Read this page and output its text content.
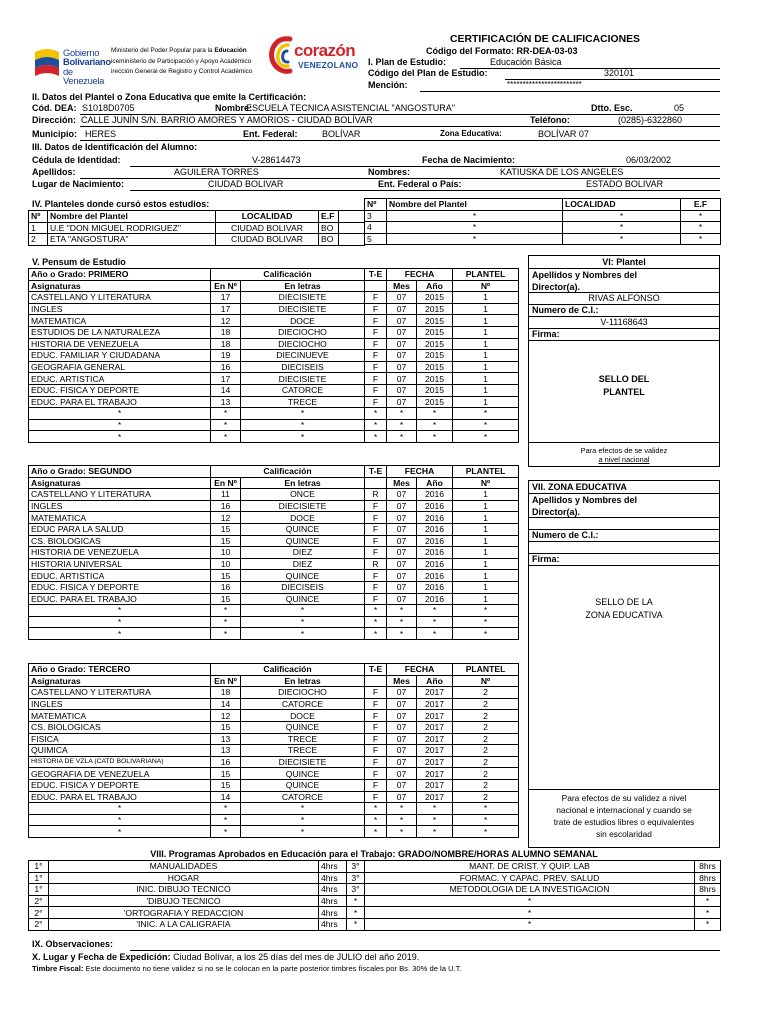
Gobierno
Bolivariano
de Venezuela
Ministerio del Poder Popular para la Educación
iceministerio de Participación y Apoyo Académico
irección General de Registro y Control Académico
corazón
VENEZOLANO
CERTIFICACIÓN DE CALIFICACIONES
Código del Formato: RR-DEA-03-03
I. Plan de Estudio:	Educación Básica
Código del Plan de Estudio:	320101
Mención:	************************
II. Datos del Plantel o Zona Educativa que emite la Certificación:
Cód. DEA: S1018D0705	Nombre:
ESCUELA TECNICA ASISTENCIAL "ANGOSTURA"	Dtto. Esc.	05
Dirección: CALLE JUNÍN S/N. BARRIO AMORES Y AMORIOS - CIUDAD BOLÍVAR	Teléfono:	(0285)-6322860
Municipio: HERES	Ent. Federal:	BOLÍVAR	Zona Educativa:	BOLÍVAR 07
III. Datos de Identificación del Alumno:
Cédula de Identidad:	V-28614473	Fecha de Nacimiento:	06/03/2002
Apellidos:	AGUILERA TORRES	Nombres:	KATIUSKA DE LOS ANGELES
Lugar de Nacimiento:	CIUDAD BOLIVAR	Ent. Federal o País:	ESTADO BOLIVAR
IV. Planteles donde cursó estos estudios:
Nº	Nombre del Plantel	LOCALIDAD	E.F	
1	U.E "DON MIGUEL RODRIGUEZ"	CIUDAD BOLIVAR	BO	
2	ETA "ANGOSTURA"	CIUDAD BOLIVAR	BO	
Nº	Nombre del Plantel	LOCALIDAD	E.F
3	*	*	*
4	*	*	*
5	*	*	*
V. Pensum de Estudio
Año o Grado: PRIMERO	Calificación		T-E	FECHA		PLANTEL
Asignaturas	En Nº	En letras		Mes	Año	Nº
CASTELLANO Y LITERATURA	17	DIECISIETE	F	07	2015	1
INGLES	17	DIECISIETE	F	07	2015	1
MATEMATICA	12	DOCE	F	07	2015	1
ESTUDIOS DE LA NATURALEZA	18	DIECIOCHO	F	07	2015	1
HISTORIA DE VENEZUELA	18	DIECIOCHO	F	07	2015	1
EDUC. FAMILIAR Y CIUDADANA	19	DIECINUEVE	F	07	2015	1
GEOGRAFIA GENERAL	16	DIECISEIS	F	07	2015	1
EDUC. ARTISTICA	17	DIECISIETE	F	07	2015	1
EDUC. FISICA Y DEPORTE	14	CATORCE	F	07	2015	1
EDUC. PARA EL TRABAJO	13	TRECE	F	07	2015	1
*	*	*	*	*	*	*
*	*	*	*	*	*	*
*	*	*	*	*	*	*
Año o Grado: SEGUNDO	Calificación		T-E	FECHA		PLANTEL
Asignaturas	En Nº	En letras		Mes	Año	Nº
CASTELLANO Y LITERATURA	11	ONCE	R	07	2016	1
INGLES	16	DIECISIETE	F	07	2016	1
MATEMATICA	12	DOCE	F	07	2016	1
EDUC PARA LA SALUD	15	QUINCE	F	07	2016	1
CS. BIOLOGICAS	15	QUINCE	F	07	2016	1
HISTORIA DE VENEZUELA	10	DIEZ	F	07	2016	1
HISTORIA UNIVERSAL	10	DIEZ	R	07	2016	1
EDUC. ARTISTICA	15	QUINCE	F	07	2016	1
EDUC. FISICA Y DEPORTE	16	DIECISEIS	F	07	2016	1
EDUC. PARA EL TRABAJO	15	QUINCE	F	07	2016	1
*	*	*	*	*	*	*
*	*	*	*	*	*	*
*	*	*	*	*	*	*
Año o Grado: TERCERO	Calificación		T-E	FECHA		PLANTEL
Asignaturas	En Nº	En letras		Mes	Año	Nº
CASTELLANO Y LITERATURA	18	DIECIOCHO	F	07	2017	2
INGLES	14	CATORCE	F	07	2017	2
MATEMATICA	12	DOCE	F	07	2017	2
CS. BIOLOGICAS	15	QUINCE	F	07	2017	2
FISICA	13	TRECE	F	07	2017	2
QUIMICA	13	TRECE	F	07	2017	2
HISTORIA DE VZLA (CATD BOLIVARIANA)	16	DIECISIETE	F	07	2017	2
GEOGRAFIA DE VENEZUELA	15	QUINCE	F	07	2017	2
EDUC. FISICA Y DEPORTE	15	QUINCE	F	07	2017	2
EDUC. PARA EL TRABAJO	14	CATORCE	F	07	2017	2
*	*	*	*	*	*	*
*	*	*	*	*	*	*
*	*	*	*	*	*	*
VI: Plantel
Apellidos y Nombres del
Director(a).
RIVAS ALFONSO
Numero de C.I.:
V-11168643
Firma:
SELLO DEL
PLANTEL
Para efectos de se validez
a nivel nacional
VII. ZONA EDUCATIVA
Apellidos y Nombres del
Director(a).
Numero de C.I.:
Firma:
SELLO DE LA
ZONA EDUCATIVA
Para efectos de su validez a nivel
nacional e internacional y cuando se
trate de estudios libres o equivalentes
sin escolaridad
VIII. Programas Aprobados en Educación para el Trabajo: GRADO/NOMBRE/HORAS ALUMNO SEMANAL
1°	MANUALIDADES	4hrs	3°	MANT. DE CRIST. Y QUIP. LAB	8hrs
1°	HOGAR	4hrs	3°	FORMAC. Y CAPAC. PREV. SALUD	8hrs
1°	INIC. DIBUJO TECNICO	4hrs	3°	METODOLOGIA DE LA INVESTIGACION	8hrs
2°	'DIBUJO TECNICO	4hrs	*	*	*
2°	'ORTOGRAFIA Y REDACCION	4hrs	*	*	*
2°	'INIC. A LA CALIGRAFIA	4hrs	*	*	*
IX. Observaciones:
X. Lugar y Fecha de Expedición: Ciudad Bolívar, a los 25 días del mes de JULIO del año 2019.
Timbre Fiscal: Este documento no tiene validez si no se le colocan en la parte posterior timbres fiscales por Bs. 30% de la U.T.
